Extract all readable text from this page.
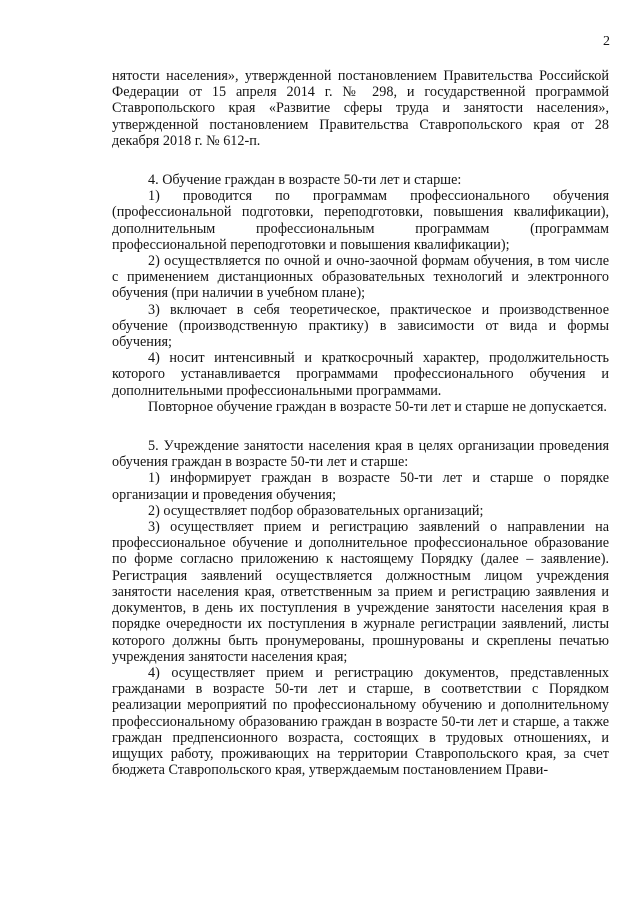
2

нятости населения», утвержденной постановлением Правительства Российской Федерации от 15 апреля 2014 г. № 298, и государственной программой Ставропольского края «Развитие сферы труда и занятости населения», утвержденной постановлением Правительства Ставропольского края от 28 декабря 2018 г. № 612-п.

4. Обучение граждан в возрасте 50-ти лет и старше:

1) проводится по программам профессионального обучения (профессиональной подготовки, переподготовки, повышения квалификации), дополнительным профессиональным программам (программам профессиональной переподготовки и повышения квалификации);

2) осуществляется по очной и очно-заочной формам обучения, в том числе с применением дистанционных образовательных технологий и электронного обучения (при наличии в учебном плане);

3) включает в себя теоретическое, практическое и производственное обучение (производственную практику) в зависимости от вида и формы обучения;

4) носит интенсивный и краткосрочный характер, продолжительность которого устанавливается программами профессионального обучения и дополнительными профессиональными программами.

Повторное обучение граждан в возрасте 50-ти лет и старше не допускается.

5. Учреждение занятости населения края в целях организации проведения обучения граждан в возрасте 50-ти лет и старше:

1) информирует граждан в возрасте 50-ти лет и старше о порядке организации и проведения обучения;

2) осуществляет подбор образовательных организаций;

3) осуществляет прием и регистрацию заявлений о направлении на профессиональное обучение и дополнительное профессиональное образование по форме согласно приложению к настоящему Порядку (далее – заявление). Регистрация заявлений осуществляется должностным лицом учреждения занятости населения края, ответственным за прием и регистрацию заявления и документов, в день их поступления в учреждение занятости населения края в порядке очередности их поступления в журнале регистрации заявлений, листы которого должны быть пронумерованы, прошнурованы и скреплены печатью учреждения занятости населения края;

4) осуществляет прием и регистрацию документов, представленных гражданами в возрасте 50-ти лет и старше, в соответствии с Порядком реализации мероприятий по профессиональному обучению и дополнительному профессиональному образованию граждан в возрасте 50-ти лет и старше, а также граждан предпенсионного возраста, состоящих в трудовых отношениях, и ищущих работу, проживающих на территории Ставропольского края, за счет бюджета Ставропольского края, утверждаемым постановлением Прави-
